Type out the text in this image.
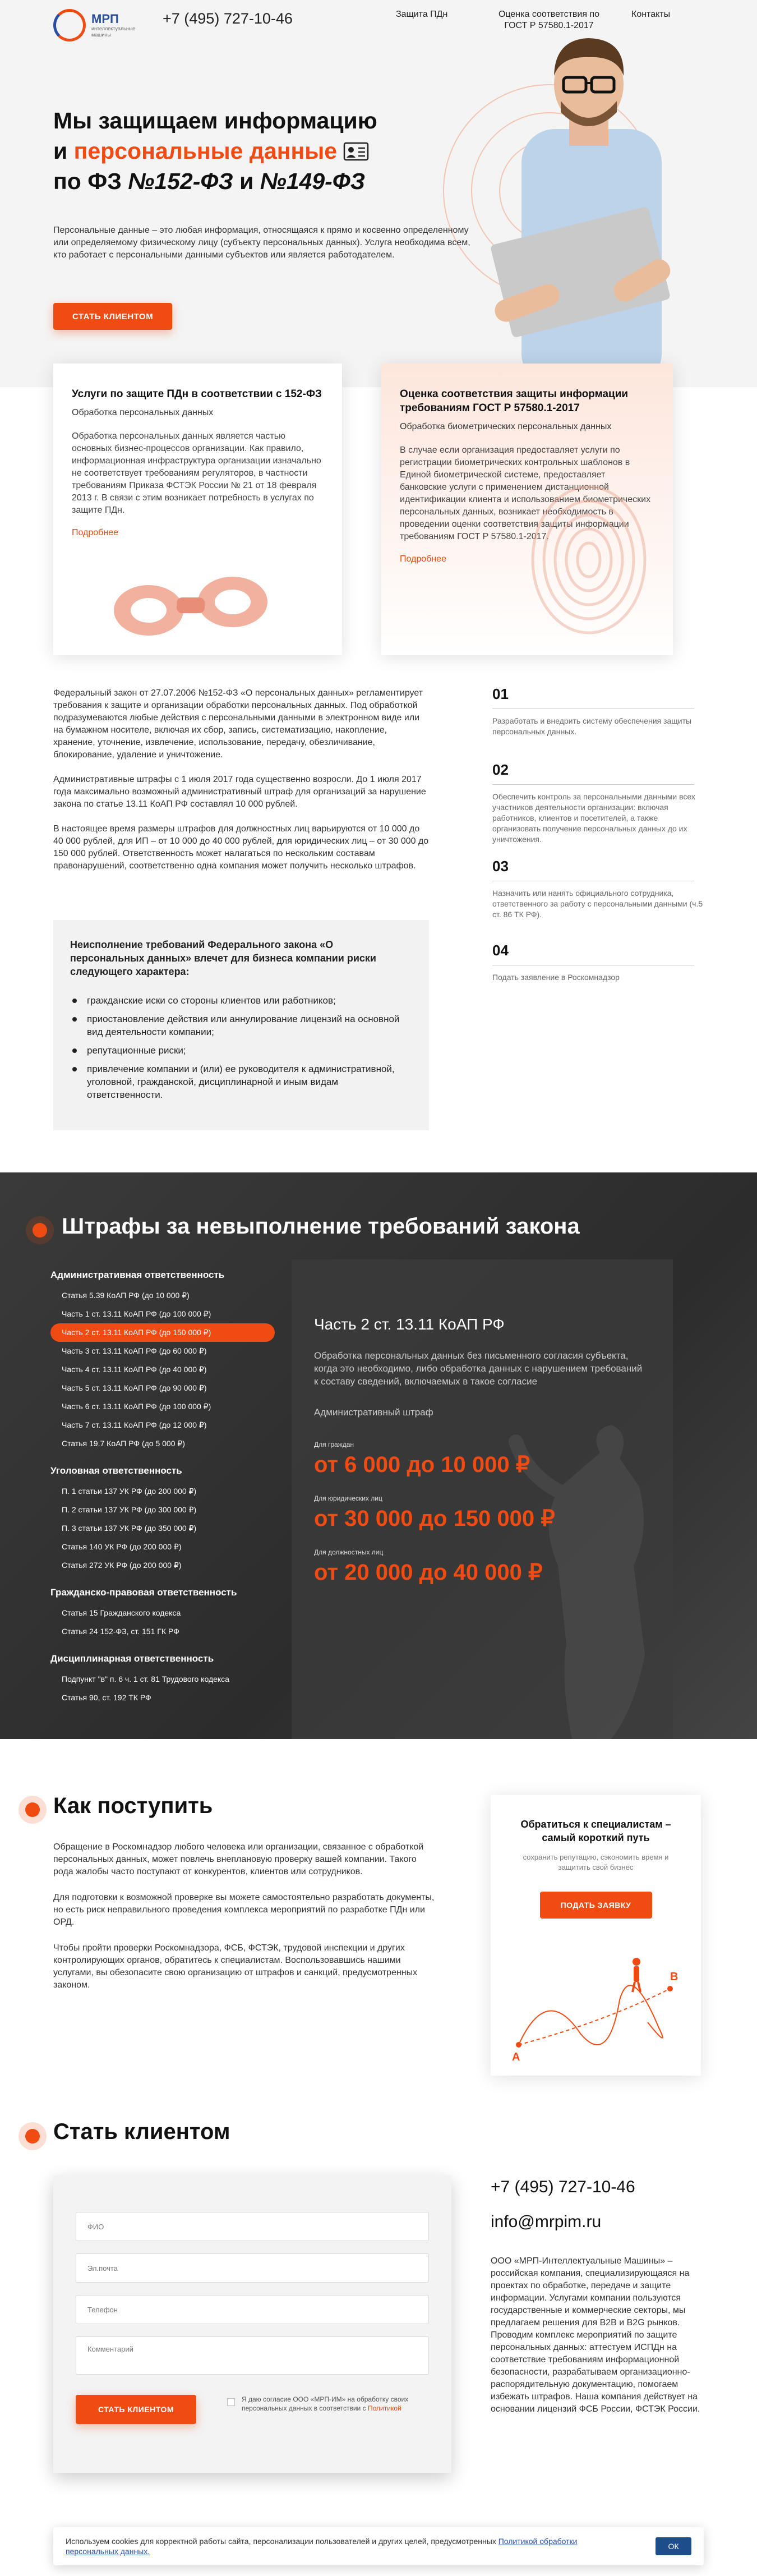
МРП
интеллектуальные машины
+7 (495) 727-10-46	Защита ПДн	Оценка соответствия по ГОСТ Р 57580.1-2017
Контакты
Мы защищаем информацию
и персональные данные
по ФЗ №152-ФЗ и №149-ФЗ

Персональные данные – это любая информация, относящаяся к прямо и косвенно определенному или определяемому физическому лицу (субъекту персональных данных). Услуга необходима всем, кто работает с персональными данными субъектов или является работодателем.

СТАТЬ КЛИЕНТОМ
Услуги по защите ПДн в соответствии с 152-ФЗ
Обработка персональных данных

Обработка персональных данных является частью основных бизнес-процессов организации. Как правило, информационная инфраструктура организации изначально не соответствует требованиям регуляторов, в частности требованиям Приказа ФСТЭК России № 21 от 18 февраля 2013 г. В связи с этим возникает потребность в услугах по защите ПДн.

Подробнее
Оценка соответствия защиты информации требованиям ГОСТ Р 57580.1-2017
Обработка биометрических персональных данных

В случае если организация предоставляет услуги по регистрации биометрических контрольных шаблонов в Единой биометрической системе, предоставляет банковские услуги с применением дистанционной идентификации клиента и использованием биометрических персональных данных, возникает необходимость в проведении оценки соответствия защиты информации требованиям ГОСТ Р 57580.1-2017.

Подробнее

Федеральный закон от 27.07.2006 №152-ФЗ «О персональных данных» регламентирует требования к защите и организации обработки персональных данных. Под обработкой подразумеваются любые действия с персональными данными в электронном виде или на бумажном носителе, включая их сбор, запись, систематизацию, накопление, хранение, уточнение, извлечение, использование, передачу, обезличивание, блокирование, удаление и уничтожение.

Административные штрафы с 1 июля 2017 года существенно возросли. До 1 июля 2017 года максимально возможный административный штраф для организаций за нарушение закона по статье 13.11 КоАП РФ составлял 10 000 рублей.

В настоящее время размеры штрафов для должностных лиц варьируются от 10 000 до 40 000 рублей, для ИП – от 10 000 до 40 000 рублей, для юридических лиц – от 30 000 до 150 000 рублей. Ответственность может налагаться по нескольким составам правонарушений, соответственно одна компания может получить несколько штрафов.

Неисполнение требований Федерального закона «О персональных данных» влечет для бизнеса компании риски следующего характера:
гражданские иски со стороны клиентов или работников;
приостановление действия или аннулирование лицензий на основной вид деятельности компании;
репутационные риски;
привлечение компании и (или) ее руководителя к административной, уголовной, гражданской, дисциплинарной и иным видам ответственности.
01
Разработать и внедрить систему обеспечения защиты персональных данных.
02
Обеспечить контроль за персональными данными всех участников деятельности организации: включая работников, клиентов и посетителей, а также организовать получение персональных данных до их уничтожения.
03
Назначить или нанять официального сотрудника, ответственного за работу с персональными данными (ч.5 ст. 86 ТК РФ).
04
Подать заявление в Роскомнадзор
Штрафы за невыполнение требований закона
Административная ответственность
Статья 5.39 КоАП РФ (до 10 000 ₽)
Часть 1 ст. 13.11 КоАП РФ (до 100 000 ₽)
Часть 2 ст. 13.11 КоАП РФ (до 150 000 ₽)
Часть 3 ст. 13.11 КоАП РФ (до 60 000 ₽)
Часть 4 ст. 13.11 КоАП РФ (до 40 000 ₽)
Часть 5 ст. 13.11 КоАП РФ (до 90 000 ₽)
Часть 6 ст. 13.11 КоАП РФ (до 100 000 ₽)
Часть 7 ст. 13.11 КоАП РФ (до 12 000 ₽)
Статья 19.7 КоАП РФ (до 5 000 ₽)
Уголовная ответственность
П. 1 статьи 137 УК РФ (до 200 000 ₽)
П. 2 статьи 137 УК РФ (до 300 000 ₽)
П. 3 статьи 137 УК РФ (до 350 000 ₽)
Статья 140 УК РФ (до 200 000 ₽)
Статья 272 УК РФ (до 200 000 ₽)
Гражданско-правовая ответственность
Статья 15 Гражданского кодекса
Статья 24 152-ФЗ, ст. 151 ГК РФ
Дисциплинарная ответственность
Подпункт "в" п. 6 ч. 1 ст. 81 Трудового кодекса
Статья 90, ст. 192 ТК РФ
Часть 2 ст. 13.11 КоАП РФ
Обработка персональных данных без письменного согласия субъекта, когда это необходимо, либо обработка данных с нарушением требований к составу сведений, включаемых в такое согласие
Административный штраф
Для граждан
от 6 000 до 10 000 ₽
Для юридических лиц
от 30 000 до 150 000 ₽
Для должностных лиц
от 20 000 до 40 000 ₽
Как поступить

Обращение в Роскомнадзор любого человека или организации, связанное с обработкой персональных данных, может повлечь внеплановую проверку вашей компании. Такого рода жалобы часто поступают от конкурентов, клиентов или сотрудников.

Для подготовки к возможной проверке вы можете самостоятельно разработать документы, но есть риск неправильного проведения комплекса мероприятий по разработке ПДн или ОРД.

Чтобы пройти проверки Роскомнадзора, ФСБ, ФСТЭК, трудовой инспекции и других контролирующих органов, обратитесь к специалистам. Воспользовавшись нашими услугами, вы обезопасите свою организацию от штрафов и санкций, предусмотренных законом.

Обратиться к специалистам – самый короткий путь
сохранить репутацию, сэкономить время и защитить свой бизнес
ПОДАТЬ ЗАЯВКУ
А
В
Стать клиентом
ФИО
Эл.почта
Телефон
Комментарий
СТАТЬ КЛИЕНТОМ
Я даю согласие ООО «МРП-ИМ» на обработку своих персональных данных в соответствии с Политикой
+7 (495) 727-10-46
info@mrpim.ru

ООО «МРП-Интеллектуальные Машины» – российская компания, специализирующаяся на проектах по обработке, передаче и защите информации. Услугами компании пользуются государственные и коммерческие секторы, мы предлагаем решения для B2B и B2G рынков. Проводим комплекс мероприятий по защите персональных данных: аттестуем ИСПДн на соответствие требованиям информационной безопасности, разрабатываем организационно-распорядительную документацию, помогаем избежать штрафов. Наша компания действует на основании лицензий ФСБ России, ФСТЭК России.

Используем cookies для корректной работы сайта, персонализации пользователей и других целей, предусмотренных Политикой обработки персональных данных.
ОК
